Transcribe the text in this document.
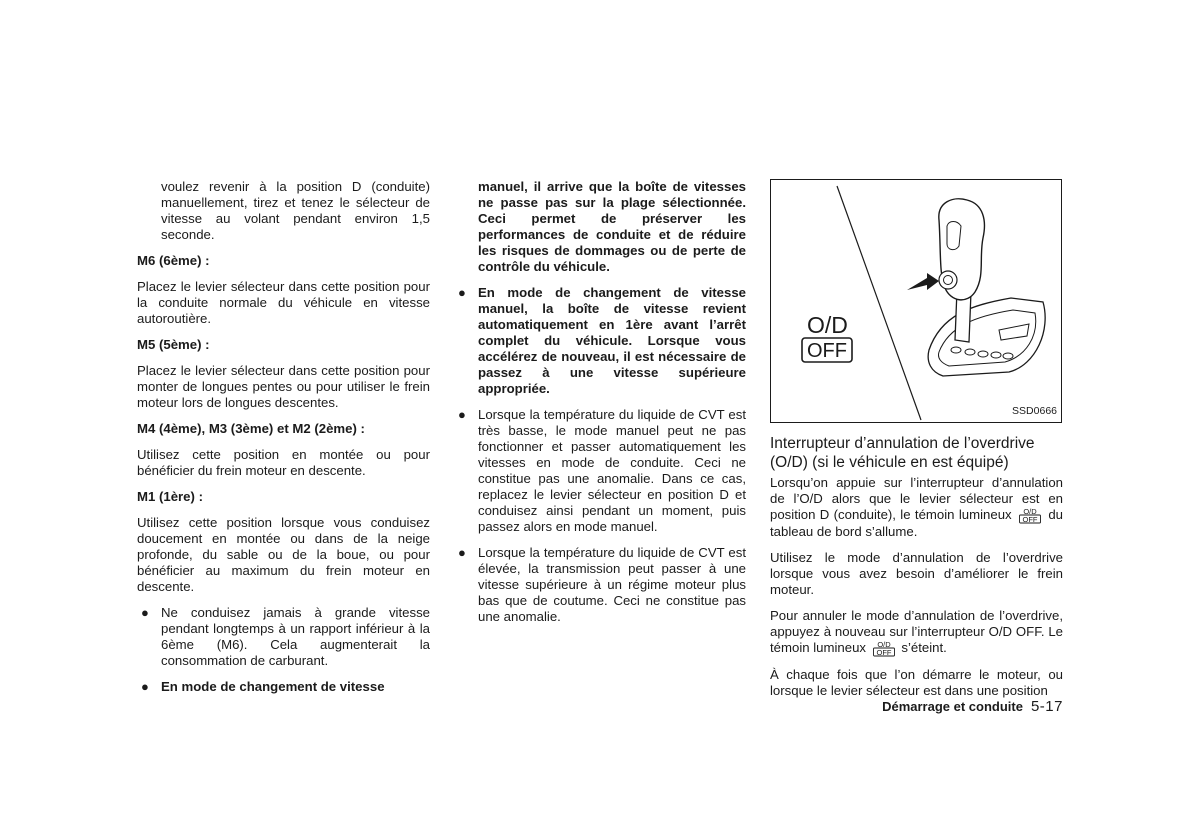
voulez revenir à la position D (conduite) manuellement, tirez et tenez le sélecteur de vitesse au volant pendant environ 1,5 seconde.

M6 (6ème) :

Placez le levier sélecteur dans cette position pour la conduite normale du véhicule en vitesse autoroutière.

M5 (5ème) :

Placez le levier sélecteur dans cette position pour monter de longues pentes ou pour utiliser le frein moteur lors de longues descentes.

M4 (4ème), M3 (3ème) et M2 (2ème) :

Utilisez cette position en montée ou pour bénéficier du frein moteur en descente.

M1 (1ère) :

Utilisez cette position lorsque vous conduisez doucement en montée ou dans de la neige profonde, du sable ou de la boue, ou pour bénéficier au maximum du frein moteur en descente.

● Ne conduisez jamais à grande vitesse pendant longtemps à un rapport inférieur à la 6ème (M6). Cela augmenterait la consommation de carburant.
● En mode de changement de vitesse

manuel, il arrive que la boîte de vitesses ne passe pas sur la plage sélectionnée. Ceci permet de préserver les performances de conduite et de réduire les risques de dommages ou de perte de contrôle du véhicule.

● En mode de changement de vitesse manuel, la boîte de vitesse revient automatiquement en 1ère avant l’arrêt complet du véhicule. Lorsque vous accélérez de nouveau, il est nécessaire de passez à une vitesse supérieure appropriée.
● Lorsque la température du liquide de CVT est très basse, le mode manuel peut ne pas fonctionner et passer automatiquement les vitesses en mode de conduite. Ceci ne constitue pas une anomalie. Dans ce cas, replacez le levier sélecteur en position D et conduisez ainsi pendant un moment, puis passez alors en mode manuel.
● Lorsque la température du liquide de CVT est élevée, la transmission peut passer à une vitesse supérieure à un régime moteur plus bas que de coutume. Ceci ne constitue pas une anomalie.
O/D
OFF
SSD0666

Interrupteur d’annulation de l’overdrive (O/D) (si le véhicule en est équipé)

Lorsqu’on appuie sur l’interrupteur d’annulation de l’O/D alors que le levier sélecteur est en position D (conduite), le témoin lumineux O/D
OFF du tableau de bord s’allume.

Utilisez le mode d’annulation de l’overdrive lorsque vous avez besoin d’améliorer le frein moteur.

Pour annuler le mode d’annulation de l’overdrive, appuyez à nouveau sur l’interrupteur O/D OFF. Le témoin lumineux O/D
OFF s’éteint.

À chaque fois que l’on démarre le moteur, ou lorsque le levier sélecteur est dans une position

Démarrage et conduite 5-17
